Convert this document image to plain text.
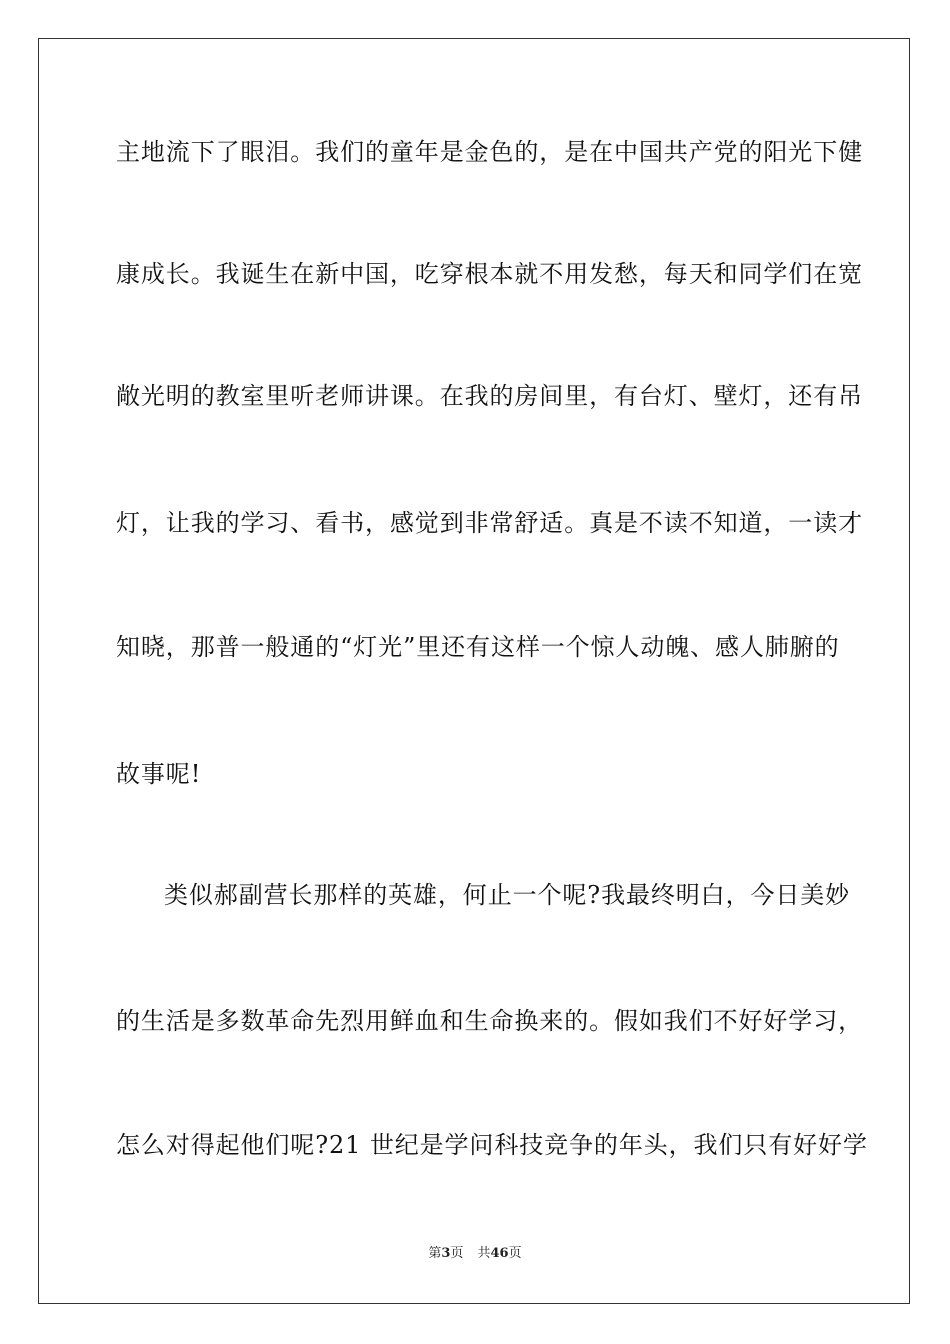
主地流下了眼泪。我们的童年是金色的，是在中国共产党的阳光下健
康成长。我诞生在新中国，吃穿根本就不用发愁，每天和同学们在宽
敞光明的教室里听老师讲课。在我的房间里，有台灯、壁灯，还有吊
灯，让我的学习、看书，感觉到非常舒适。真是不读不知道，一读才
知晓，那普一般通的“灯光”里还有这样一个惊人动魄、感人肺腑的
故事呢!
类似郝副营长那样的英雄，何止一个呢?我最终明白，今日美妙
的生活是多数革命先烈用鲜血和生命换来的。假如我们不好好学习，
怎么对得起他们呢?21 世纪是学问科技竞争的年头，我们只有好好学
第3页 共46页
